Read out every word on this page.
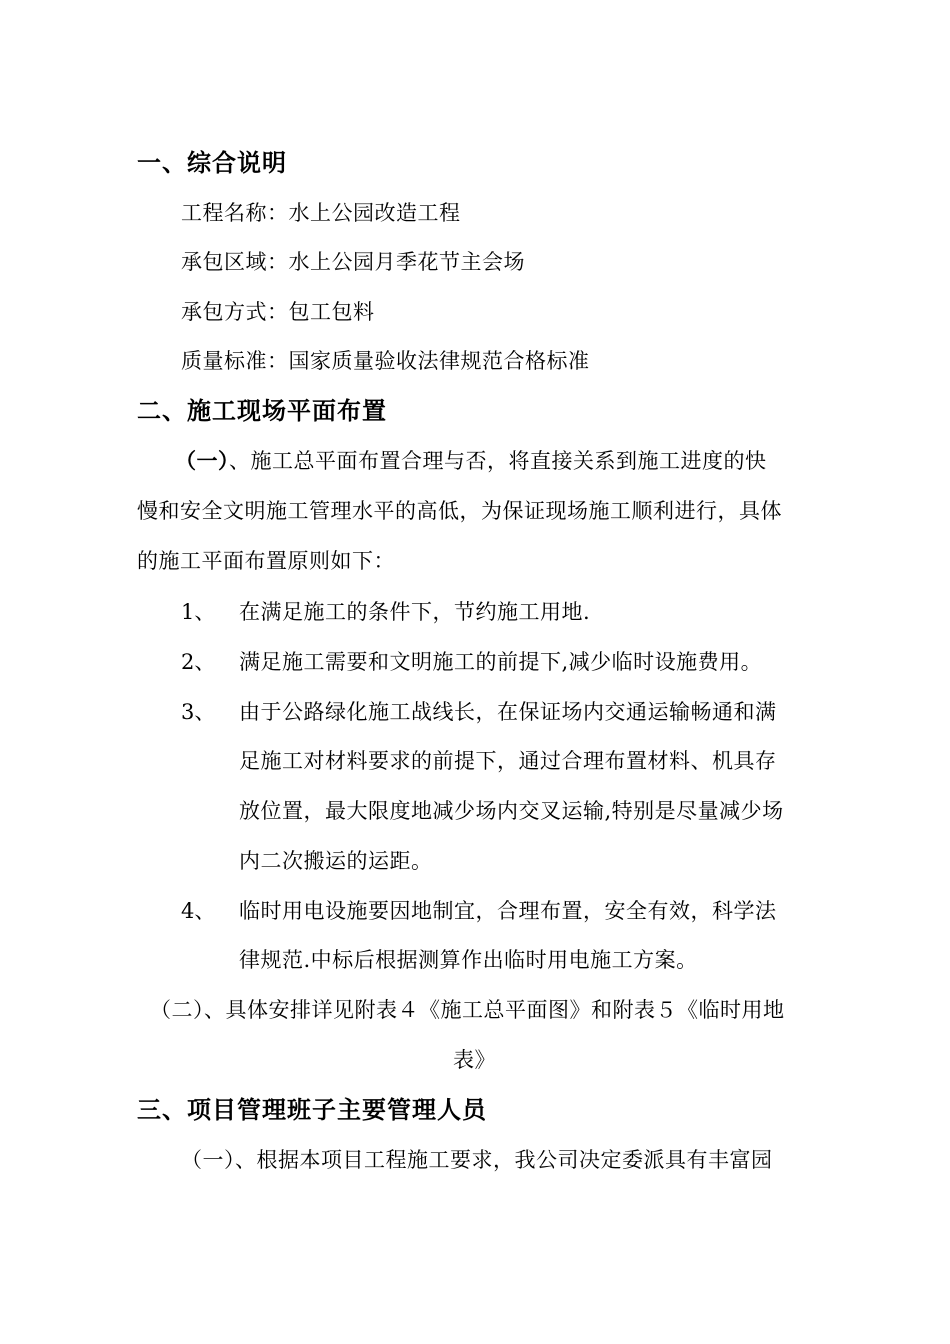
一、综合说明
工程名称：水上公园改造工程
承包区域：水上公园月季花节主会场
承包方式：包工包料
质量标准：国家质量验收法律规范合格标准
二、施工现场平面布置
（一）、施工总平面布置合理与否，将直接关系到施工进度的快
慢和安全文明施工管理水平的高低，为保证现场施工顺利进行，具体
的施工平面布置原则如下：
1、 在满足施工的条件下，节约施工用地.
2、 满足施工需要和文明施工的前提下,减少临时设施费用。
3、 由于公路绿化施工战线长，在保证场内交通运输畅通和满
足施工对材料要求的前提下，通过合理布置材料、机具存
放位置，最大限度地减少场内交叉运输,特别是尽量减少场
内二次搬运的运距。
4、 临时用电设施要因地制宜，合理布置，安全有效，科学法
律规范.中标后根据测算作出临时用电施工方案。
（二）、具体安排详见附表４《施工总平面图》和附表５《临时用地
表》
三、项目管理班子主要管理人员
（一）、根据本项目工程施工要求，我公司决定委派具有丰富园
